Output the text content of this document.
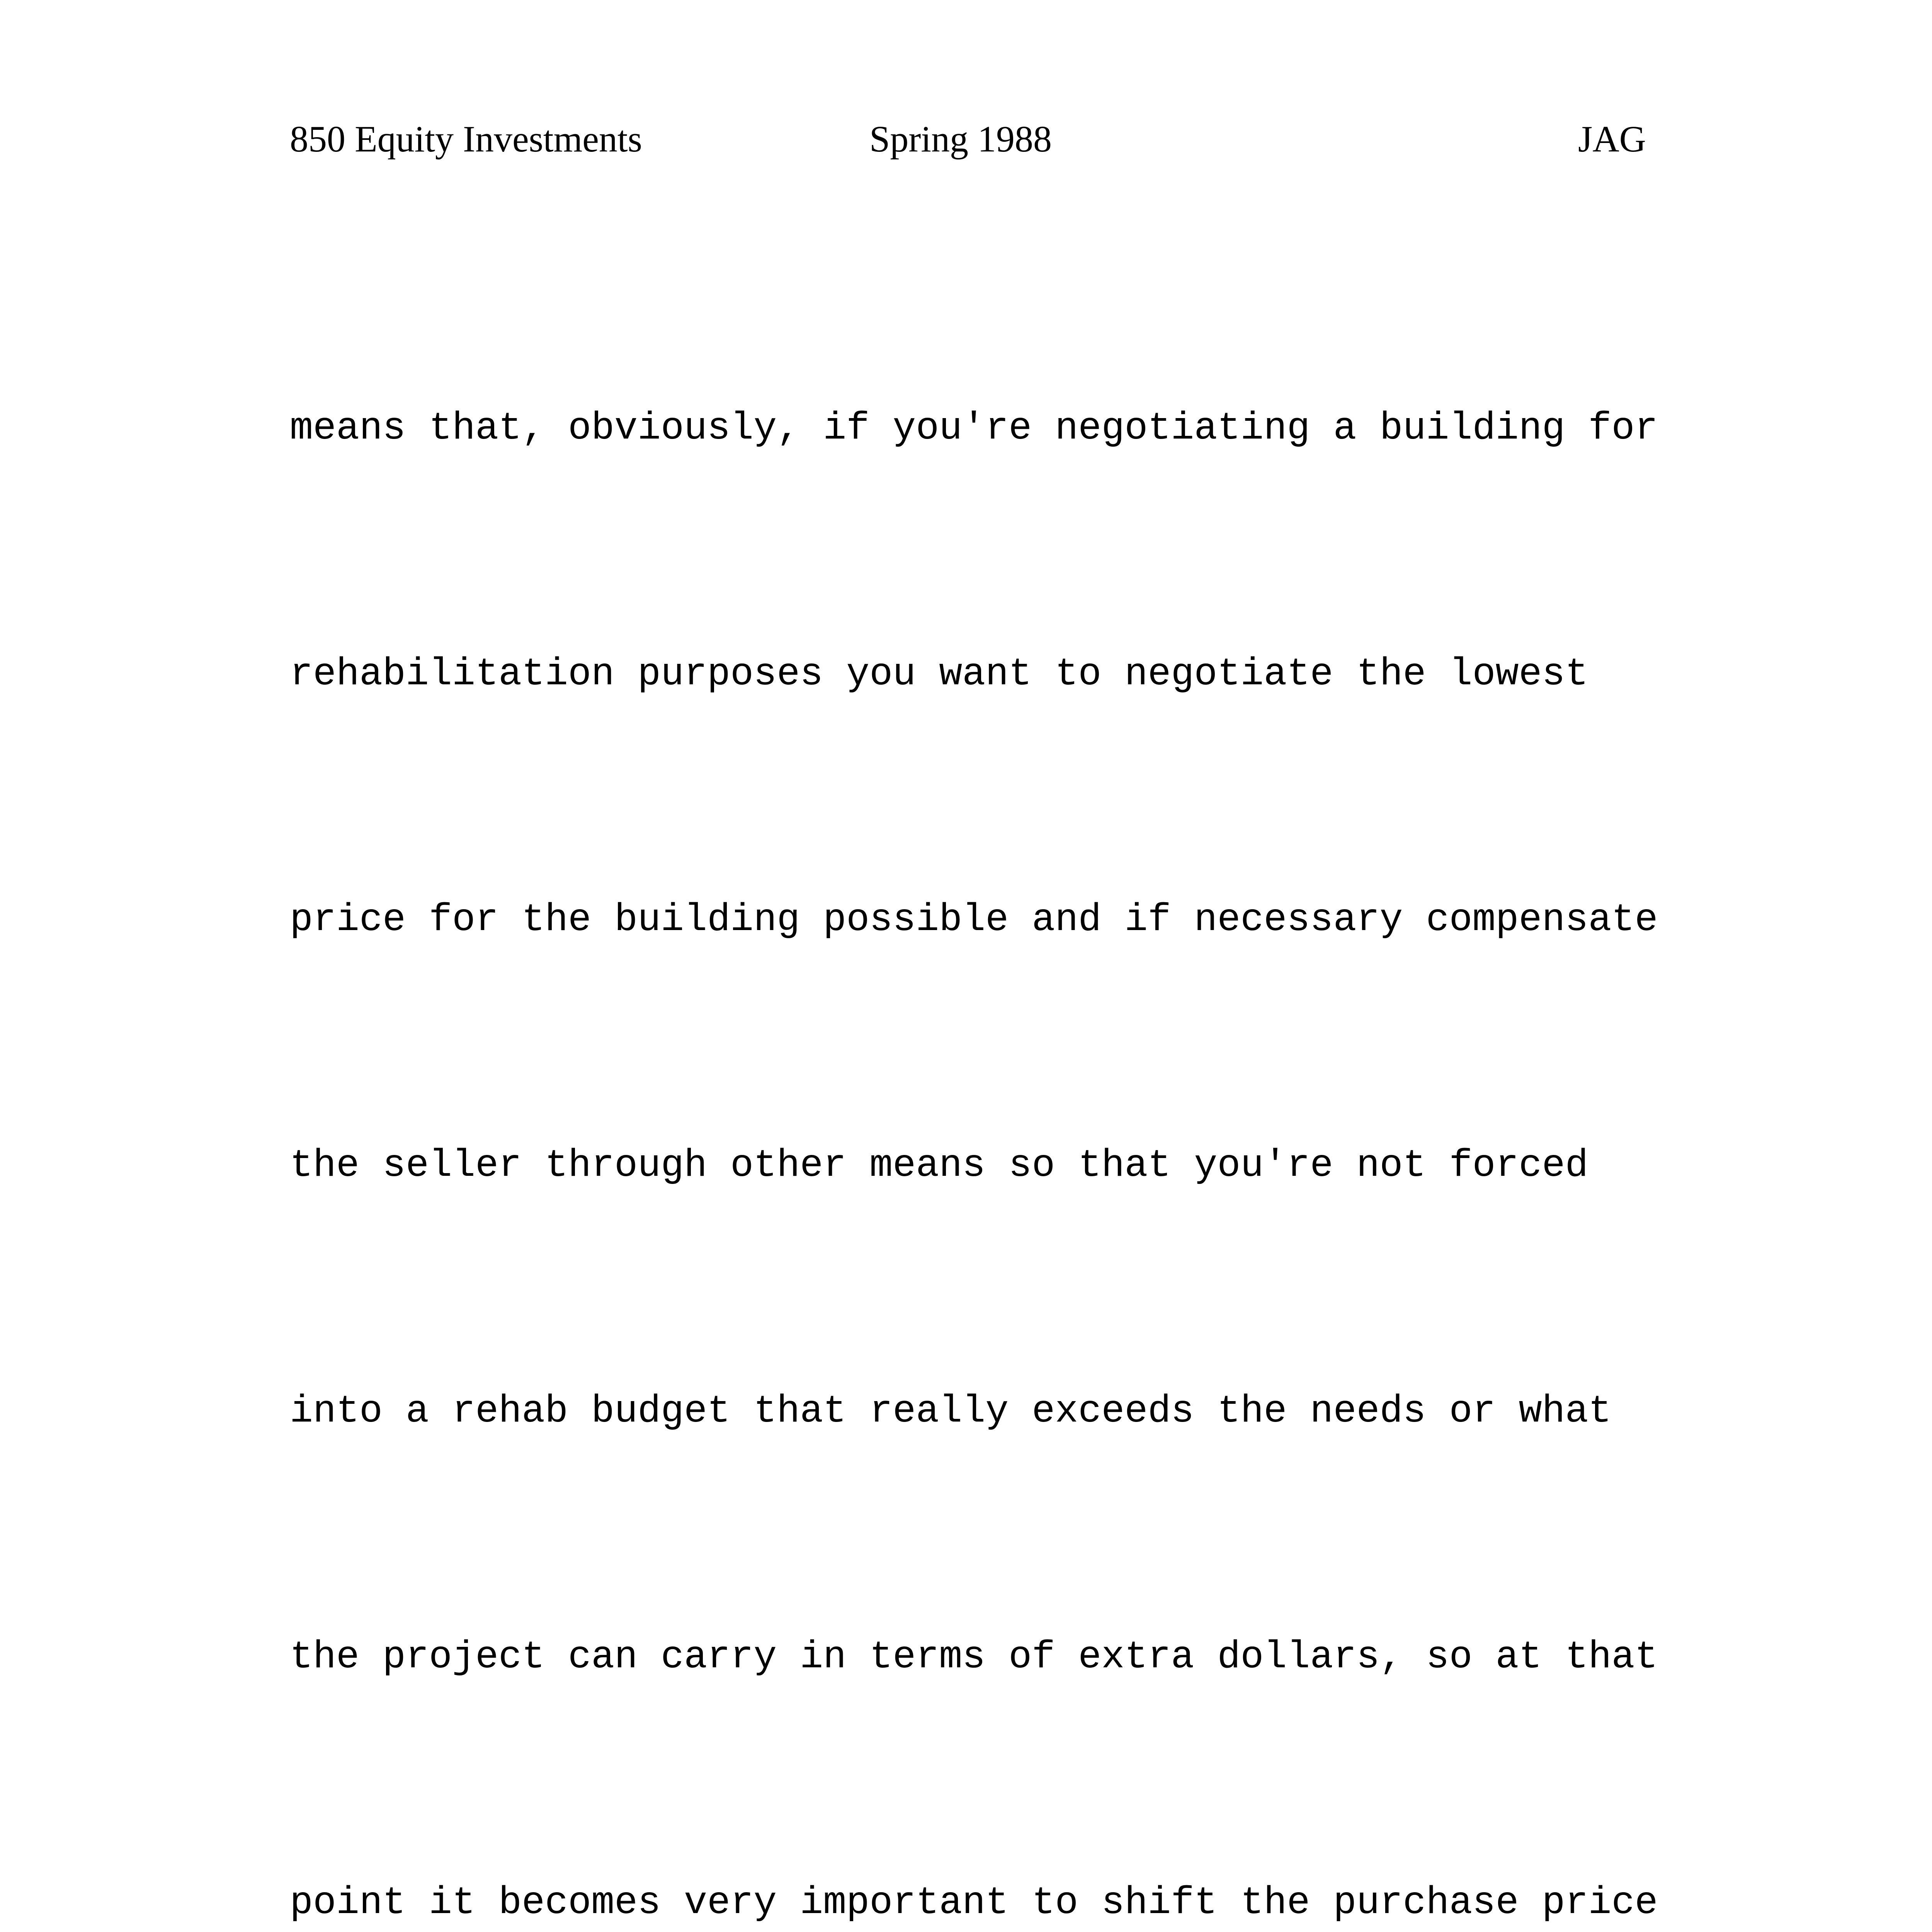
850 Equity Investments	Spring 1988	JAG

means that, obviously, if you're negotiating a building for

rehabilitation purposes you want to negotiate the lowest

price for the building possible and if necessary compensate

the seller through other means so that you're not forced

into a rehab budget that really exceeds the needs or what

the project can carry in terms of extra dollars, so at that

point it becomes very important to shift the purchase price
